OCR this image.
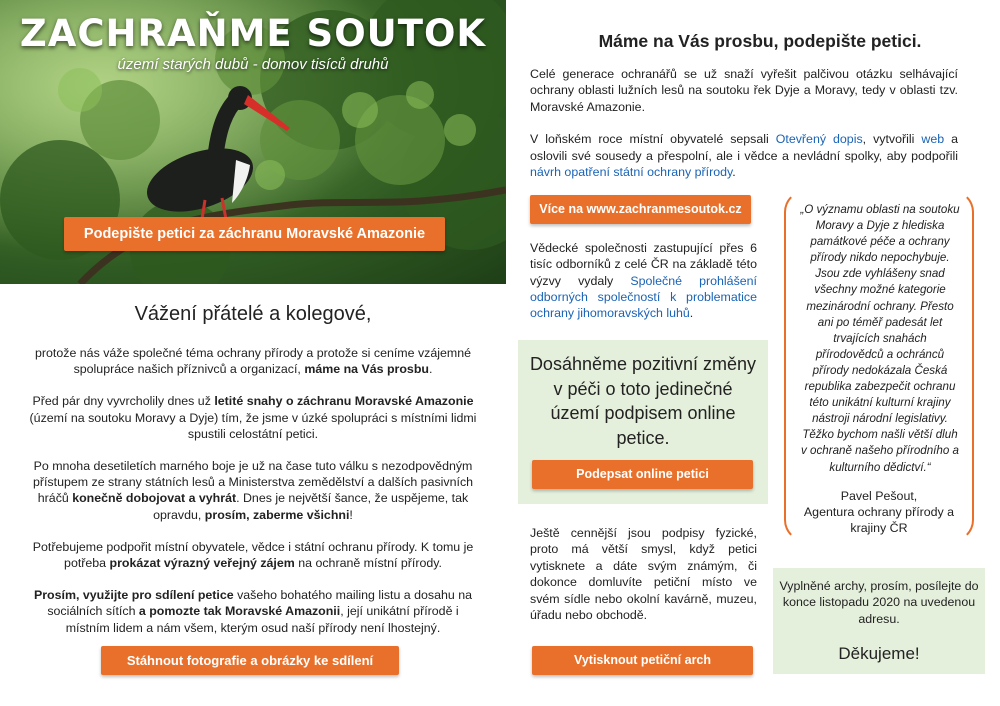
ZACHRAŇME SOUTOK
území starých dubů - domov tisíců druhů
Podepište petici za záchranu Moravské Amazonie
Vážení přátelé a kolegové,

protože nás váže společné téma ochrany přírody a protože si ceníme vzájemné spolupráce našich příznivců a organizací, máme na Vás prosbu.

Před pár dny vyvrcholily dnes už letité snahy o záchranu Moravské Amazonie (území na soutoku Moravy a Dyje) tím, že jsme v úzké spolupráci s místními lidmi spustili celostátní petici.

Po mnoha desetiletích marného boje je už na čase tuto válku s nezodpovědným přístupem ze strany státních lesů a Ministerstva zemědělství a dalších pasivních hráčů konečně dobojovat a vyhrát. Dnes je největší šance, že uspějeme, tak opravdu, prosím, zaberme všichni!

Potřebujeme podpořit místní obyvatele, vědce i státní ochranu přírody. K tomu je potřeba prokázat výrazný veřejný zájem na ochraně místní přírody.

Prosím, využijte pro sdílení petice vašeho bohatého mailing listu a dosahu na sociálních sítích a pomozte tak Moravské Amazonii, její unikátní přírodě i místním lidem a nám všem, kterým osud naší přírody není lhostejný.

Stáhnout fotografie a obrázky ke sdílení
Máme na Vás prosbu, podepište petici.

Celé generace ochranářů se už snaží vyřešit palčivou otázku selhávající ochrany oblasti lužních lesů na soutoku řek Dyje a Moravy, tedy v oblasti tzv. Moravské Amazonie.

V loňském roce místní obyvatelé sepsali Otevřený dopis, vytvořili web a oslovili své sousedy a přespolní, ale i vědce a nevládní spolky, aby podpořili návrh opatření státní ochrany přírody.

Více na www.zachranmesoutok.cz
Vědecké společnosti zastupující přes 6 tisíc odborníků z celé ČR na základě této výzvy vydaly Společné prohlášení odborných společností k problematice ochrany jihomoravských luhů.
„O významu oblasti na soutoku Moravy a Dyje z hlediska památkové péče a ochrany přírody nikdo nepochybuje. Jsou zde vyhlášeny snad všechny možné kategorie mezinárodní ochrany. Přesto ani po téměř padesát let trvajících snahách přírodovědců a ochránců přírody nedokázala Česká republika zabezpečit ochranu této unikátní kulturní krajiny nástroji národní legislativy. Těžko bychom našli větší dluh v ochraně našeho přírodního a kulturního dědictví.“
Pavel Pešout,
Agentura ochrany přírody a krajiny ČR
Dosáhněme pozitivní změny v péči o toto jedinečné území podpisem online petice.
Podepsat online petici
Ještě cennější jsou podpisy fyzické, proto má větší smysl, když petici vytisknete a dáte svým známým, či dokonce domluvíte petiční místo ve svém sídle nebo okolní kavárně, muzeu, úřadu nebo obchodě.
Vytisknout petiční arch
Vyplněné archy, prosím, posílejte do konce listopadu 2020 na uvedenou adresu.
Děkujeme!
